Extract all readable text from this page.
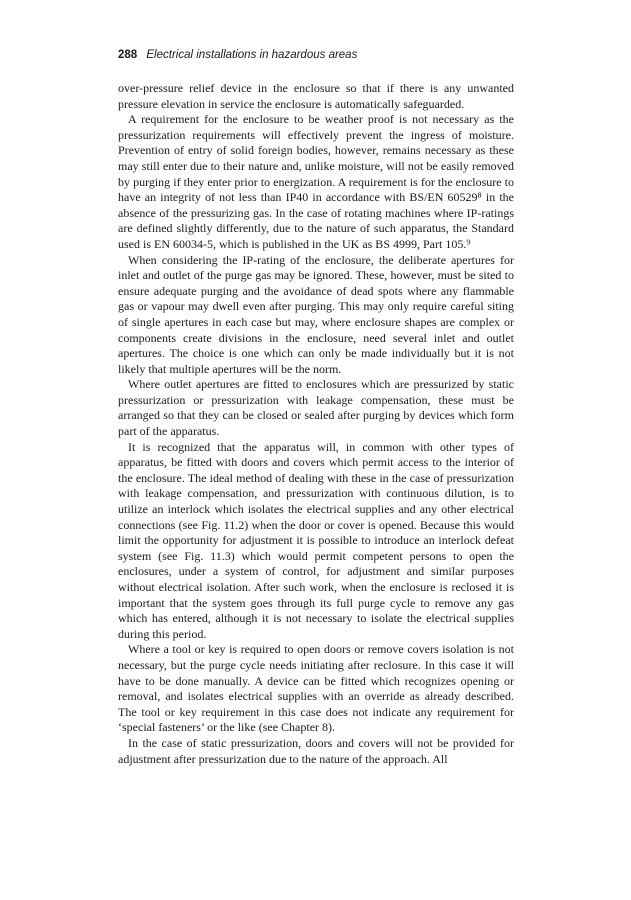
288 Electrical installations in hazardous areas

over-pressure relief device in the enclosure so that if there is any unwanted pressure elevation in service the enclosure is automatically safeguarded.

A requirement for the enclosure to be weather proof is not necessary as the pressurization requirements will effectively prevent the ingress of moisture. Prevention of entry of solid foreign bodies, however, remains necessary as these may still enter due to their nature and, unlike moisture, will not be easily removed by purging if they enter prior to energization. A requirement is for the enclosure to have an integrity of not less than IP40 in accordance with BS/EN 60529⁸ in the absence of the pressurizing gas. In the case of rotating machines where IP-ratings are defined slightly differently, due to the nature of such apparatus, the Standard used is EN 60034-5, which is published in the UK as BS 4999, Part 105.⁹

When considering the IP-rating of the enclosure, the deliberate apertures for inlet and outlet of the purge gas may be ignored. These, however, must be sited to ensure adequate purging and the avoidance of dead spots where any flammable gas or vapour may dwell even after purging. This may only require careful siting of single apertures in each case but may, where enclosure shapes are complex or components create divisions in the enclosure, need several inlet and outlet apertures. The choice is one which can only be made individually but it is not likely that multiple apertures will be the norm.

Where outlet apertures are fitted to enclosures which are pressurized by static pressurization or pressurization with leakage compensation, these must be arranged so that they can be closed or sealed after purging by devices which form part of the apparatus.

It is recognized that the apparatus will, in common with other types of apparatus, be fitted with doors and covers which permit access to the interior of the enclosure. The ideal method of dealing with these in the case of pressurization with leakage compensation, and pressurization with continuous dilution, is to utilize an interlock which isolates the electrical supplies and any other electrical connections (see Fig. 11.2) when the door or cover is opened. Because this would limit the opportunity for adjustment it is possible to introduce an interlock defeat system (see Fig. 11.3) which would permit competent persons to open the enclosures, under a system of control, for adjustment and similar purposes without electrical isolation. After such work, when the enclosure is reclosed it is important that the system goes through its full purge cycle to remove any gas which has entered, although it is not necessary to isolate the electrical supplies during this period.

Where a tool or key is required to open doors or remove covers isolation is not necessary, but the purge cycle needs initiating after reclosure. In this case it will have to be done manually. A device can be fitted which recognizes opening or removal, and isolates electrical supplies with an override as already described. The tool or key requirement in this case does not indicate any requirement for ‘special fasteners’ or the like (see Chapter 8).

In the case of static pressurization, doors and covers will not be provided for adjustment after pressurization due to the nature of the approach. All
